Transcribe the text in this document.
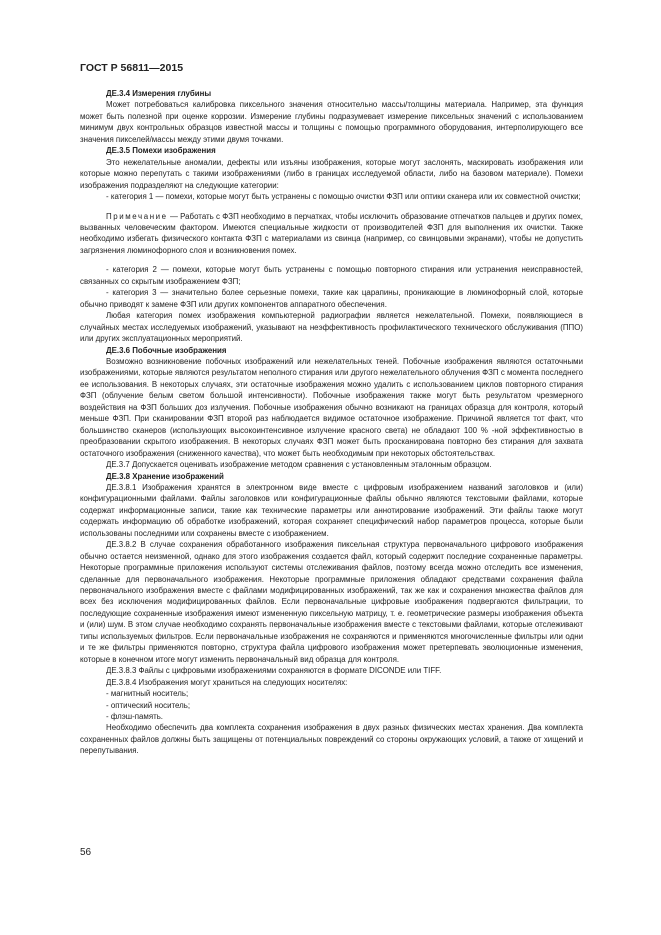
ГОСТ Р 56811—2015

ДЕ.3.4 Измерения глубины

Может потребоваться калибровка пиксельного значения относительно массы/толщины материала. Например, эта функция может быть полезной при оценке коррозии. Измерение глубины подразумевает измерение пиксельных значений с использованием минимум двух контрольных образцов известной массы и толщины с помощью программного оборудования, интерполирующего все значения пикселей/массы между этими двумя точками.

ДЕ.3.5 Помехи изображения

Это нежелательные аномалии, дефекты или изъяны изображения, которые могут заслонять, маскировать изображения или которые можно перепутать с такими изображениями (либо в границах исследуемой области, либо на базовом материале). Помехи изображения подразделяют на следующие категории:

- категория 1 — помехи, которые могут быть устранены с помощью очистки ФЗП или оптики сканера или их совместной очистки;

Примечание — Работать с ФЗП необходимо в перчатках, чтобы исключить образование отпечатков пальцев и других помех, вызванных человеческим фактором. Имеются специальные жидкости от производителей ФЗП для выполнения их очистки. Также необходимо избегать физического контакта ФЗП с материалами из свинца (например, со свинцовыми экранами), чтобы не допустить загрязнения люминофорного слоя и возникновения помех.

- категория 2 — помехи, которые могут быть устранены с помощью повторного стирания или устранения неисправностей, связанных со скрытым изображением ФЗП;

- категория 3 — значительно более серьезные помехи, такие как царапины, проникающие в люминофорный слой, которые обычно приводят к замене ФЗП или других компонентов аппаратного обеспечения.

Любая категория помех изображения компьютерной радиографии является нежелательной. Помехи, появляющиеся в случайных местах исследуемых изображений, указывают на неэффективность профилактического технического обслуживания (ППО) или других эксплуатационных мероприятий.

ДЕ.3.6 Побочные изображения

Возможно возникновение побочных изображений или нежелательных теней. Побочные изображения являются остаточными изображениями, которые являются результатом неполного стирания или другого нежелательного облучения ФЗП с момента последнего ее использования. В некоторых случаях, эти остаточные изображения можно удалить с использованием циклов повторного стирания ФЗП (облучение белым светом большой интенсивности). Побочные изображения также могут быть результатом чрезмерного воздействия на ФЗП больших доз излучения. Побочные изображения обычно возникают на границах образца для контроля, который меньше ФЗП. При сканировании ФЗП второй раз наблюдается видимое остаточное изображение. Причиной является тот факт, что большинство сканеров (использующих высокоинтенсивное излучение красного света) не обладают 100 % -ной эффективностью в преобразовании скрытого изображения. В некоторых случаях ФЗП может быть просканирована повторно без стирания для захвата остаточного изображения (сниженного качества), что может быть необходимым при некоторых обстоятельствах.

ДЕ.3.7 Допускается оценивать изображение методом сравнения с установленным эталонным образцом.

ДЕ.3.8 Хранение изображений

ДЕ.3.8.1 Изображения хранятся в электронном виде вместе с цифровым изображением названий заголовков и (или) конфигурационными файлами. Файлы заголовков или конфигурационные файлы обычно являются текстовыми файлами, которые содержат информационные записи, такие как технические параметры или аннотирование изображений. Эти файлы также могут содержать информацию об обработке изображений, которая сохраняет специфический набор параметров процесса, которые были использованы последними или сохранены вместе с изображением.

ДЕ.3.8.2 В случае сохранения обработанного изображения пиксельная структура первоначального цифрового изображения обычно остается неизменной, однако для этого изображения создается файл, который содержит последние сохраненные параметры. Некоторые программные приложения используют системы отслеживания файлов, поэтому всегда можно отследить все изменения, сделанные для первоначального изображения. Некоторые программные приложения обладают средствами сохранения файла первоначального изображения вместе с файлами модифицированных изображений, так же как и сохранения множества файлов для всех без исключения модифицированных файлов. Если первоначальные цифровые изображения подвергаются фильтрации, то последующие сохраненные изображения имеют измененную пиксельную матрицу, т. е. геометрические размеры изображения объекта и (или) шум. В этом случае необходимо сохранять первоначальные изображения вместе с текстовыми файлами, которые отслеживают типы используемых фильтров. Если первоначальные изображения не сохраняются и применяются многочисленные фильтры или одни и те же фильтры применяются повторно, структура файла цифрового изображения может претерпевать эволюционные изменения, которые в конечном итоге могут изменить первоначальный вид образца для контроля.

ДЕ.3.8.3 Файлы с цифровыми изображениями сохраняются в формате DICONDE или TIFF.

ДЕ.3.8.4 Изображения могут храниться на следующих носителях:

- магнитный носитель;

- оптический носитель;

- флэш-память.

Необходимо обеспечить два комплекта сохранения изображения в двух разных физических местах хранения. Два комплекта сохраненных файлов должны быть защищены от потенциальных повреждений со стороны окружающих условий, а также от хищений и перепутывания.

56
